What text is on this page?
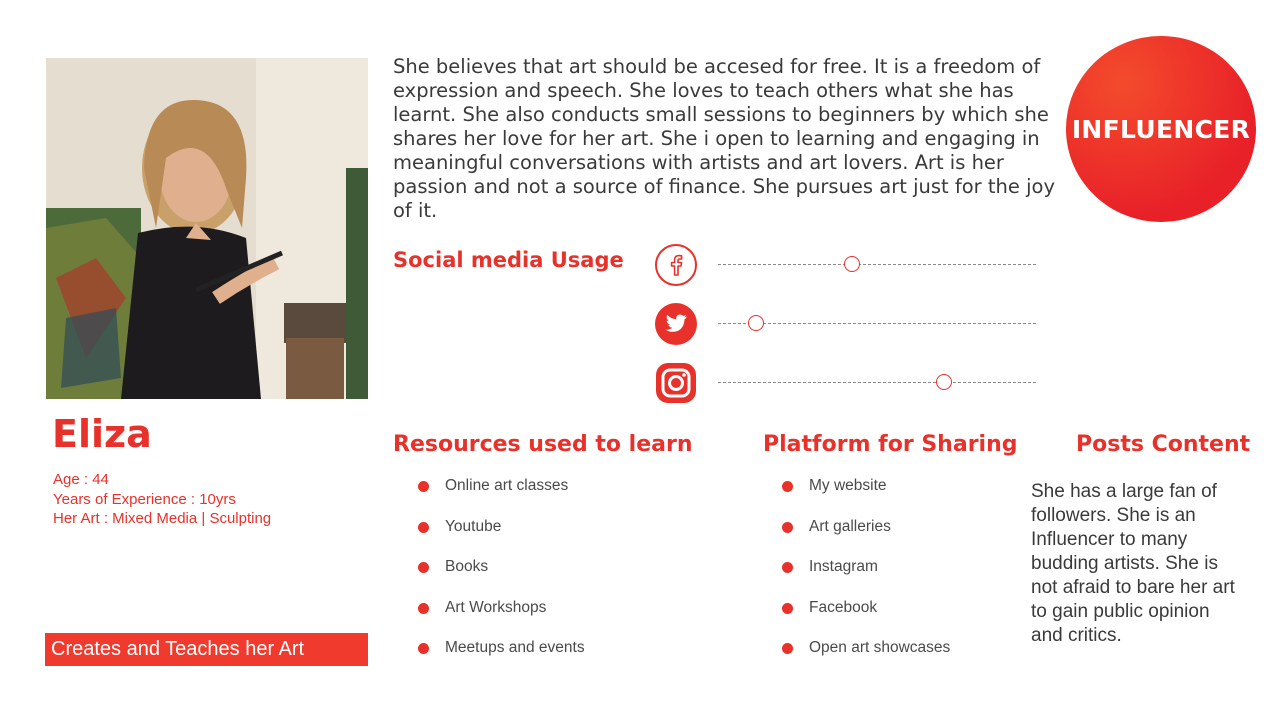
Eliza
Age : 44
Years of Experience : 10yrs
Her Art : Mixed Media | Sculpting
Creates and Teaches her Art
She believes that art should be accesed for free. It is a freedom of expression and speech. She loves to teach others what she has learnt. She also conducts small sessions to beginners by which she shares her love for her art. She i open to learning and engaging in meaningful conversations with artists and art lovers. Art is her passion and not a source of finance. She pursues art just for the joy of it.
INFLUENCER
Social media Usage
Resources used to learn
Online art classes
Youtube
Books
Art Workshops
Meetups and events
Platform for Sharing
My website
Art galleries
Instagram
Facebook
Open art showcases
Posts Content
She has a large fan of followers. She is an Influencer to many budding artists. She is not afraid to bare her art to gain public opinion and critics.
